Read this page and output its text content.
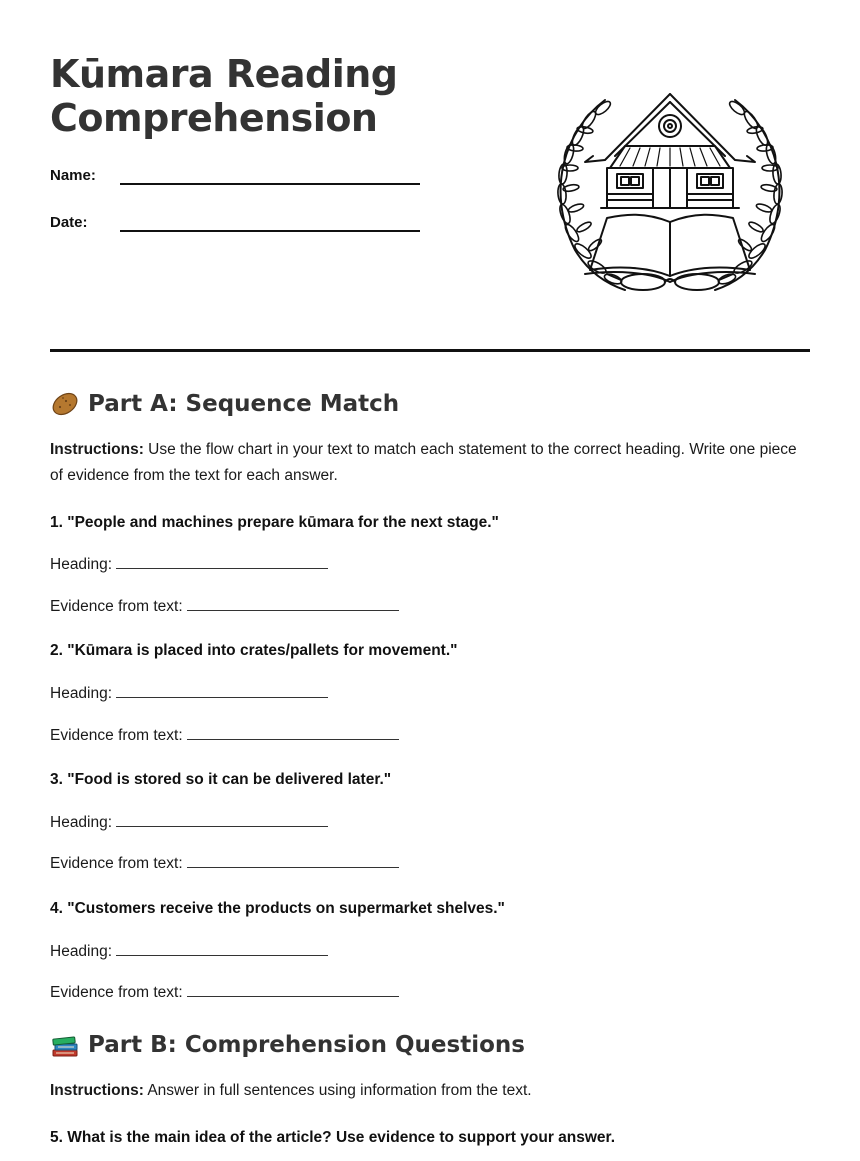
Kūmara Reading
Comprehension
Name:
Date:
Part A: Sequence Match

Instructions: Use the flow chart in your text to match each statement to the correct heading. Write one piece of evidence from the text for each answer.

1. "People and machines prepare kūmara for the next stage."

Heading:

Evidence from text:

2. "Kūmara is placed into crates/pallets for movement."

Heading:

Evidence from text:

3. "Food is stored so it can be delivered later."

Heading:

Evidence from text:

4. "Customers receive the products on supermarket shelves."

Heading:

Evidence from text:

Part B: Comprehension Questions

Instructions: Answer in full sentences using information from the text.

5. What is the main idea of the article? Use evidence to support your answer.
